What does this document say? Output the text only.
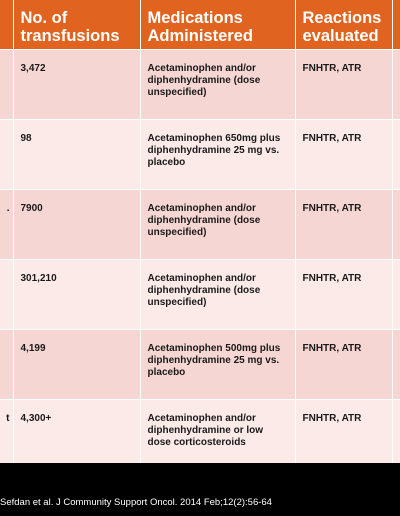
	No. of transfusions	Medications Administered	Reactions evaluated	
	3,472	Acetaminophen and/or diphenhydramine (dose unspecified)	FNHTR, ATR	

	98	Acetaminophen 650mg plus diphenhydramine 25 mg vs. placebo	FNHTR, ATR	

.	7900	Acetaminophen and/or diphenhydramine (dose unspecified)	FNHTR, ATR	

	301,210	Acetaminophen and/or diphenhydramine (dose unspecified)	FNHTR, ATR	

	4,199	Acetaminophen 500mg plus diphenhydramine 25 mg vs. placebo	FNHTR, ATR	

t	4,300+	Acetaminophen and/or diphenhydramine or low dose corticosteroids	FNHTR, ATR	
Sefdan et al. J Community Support Oncol. 2014 Feb;12(2):56-64
